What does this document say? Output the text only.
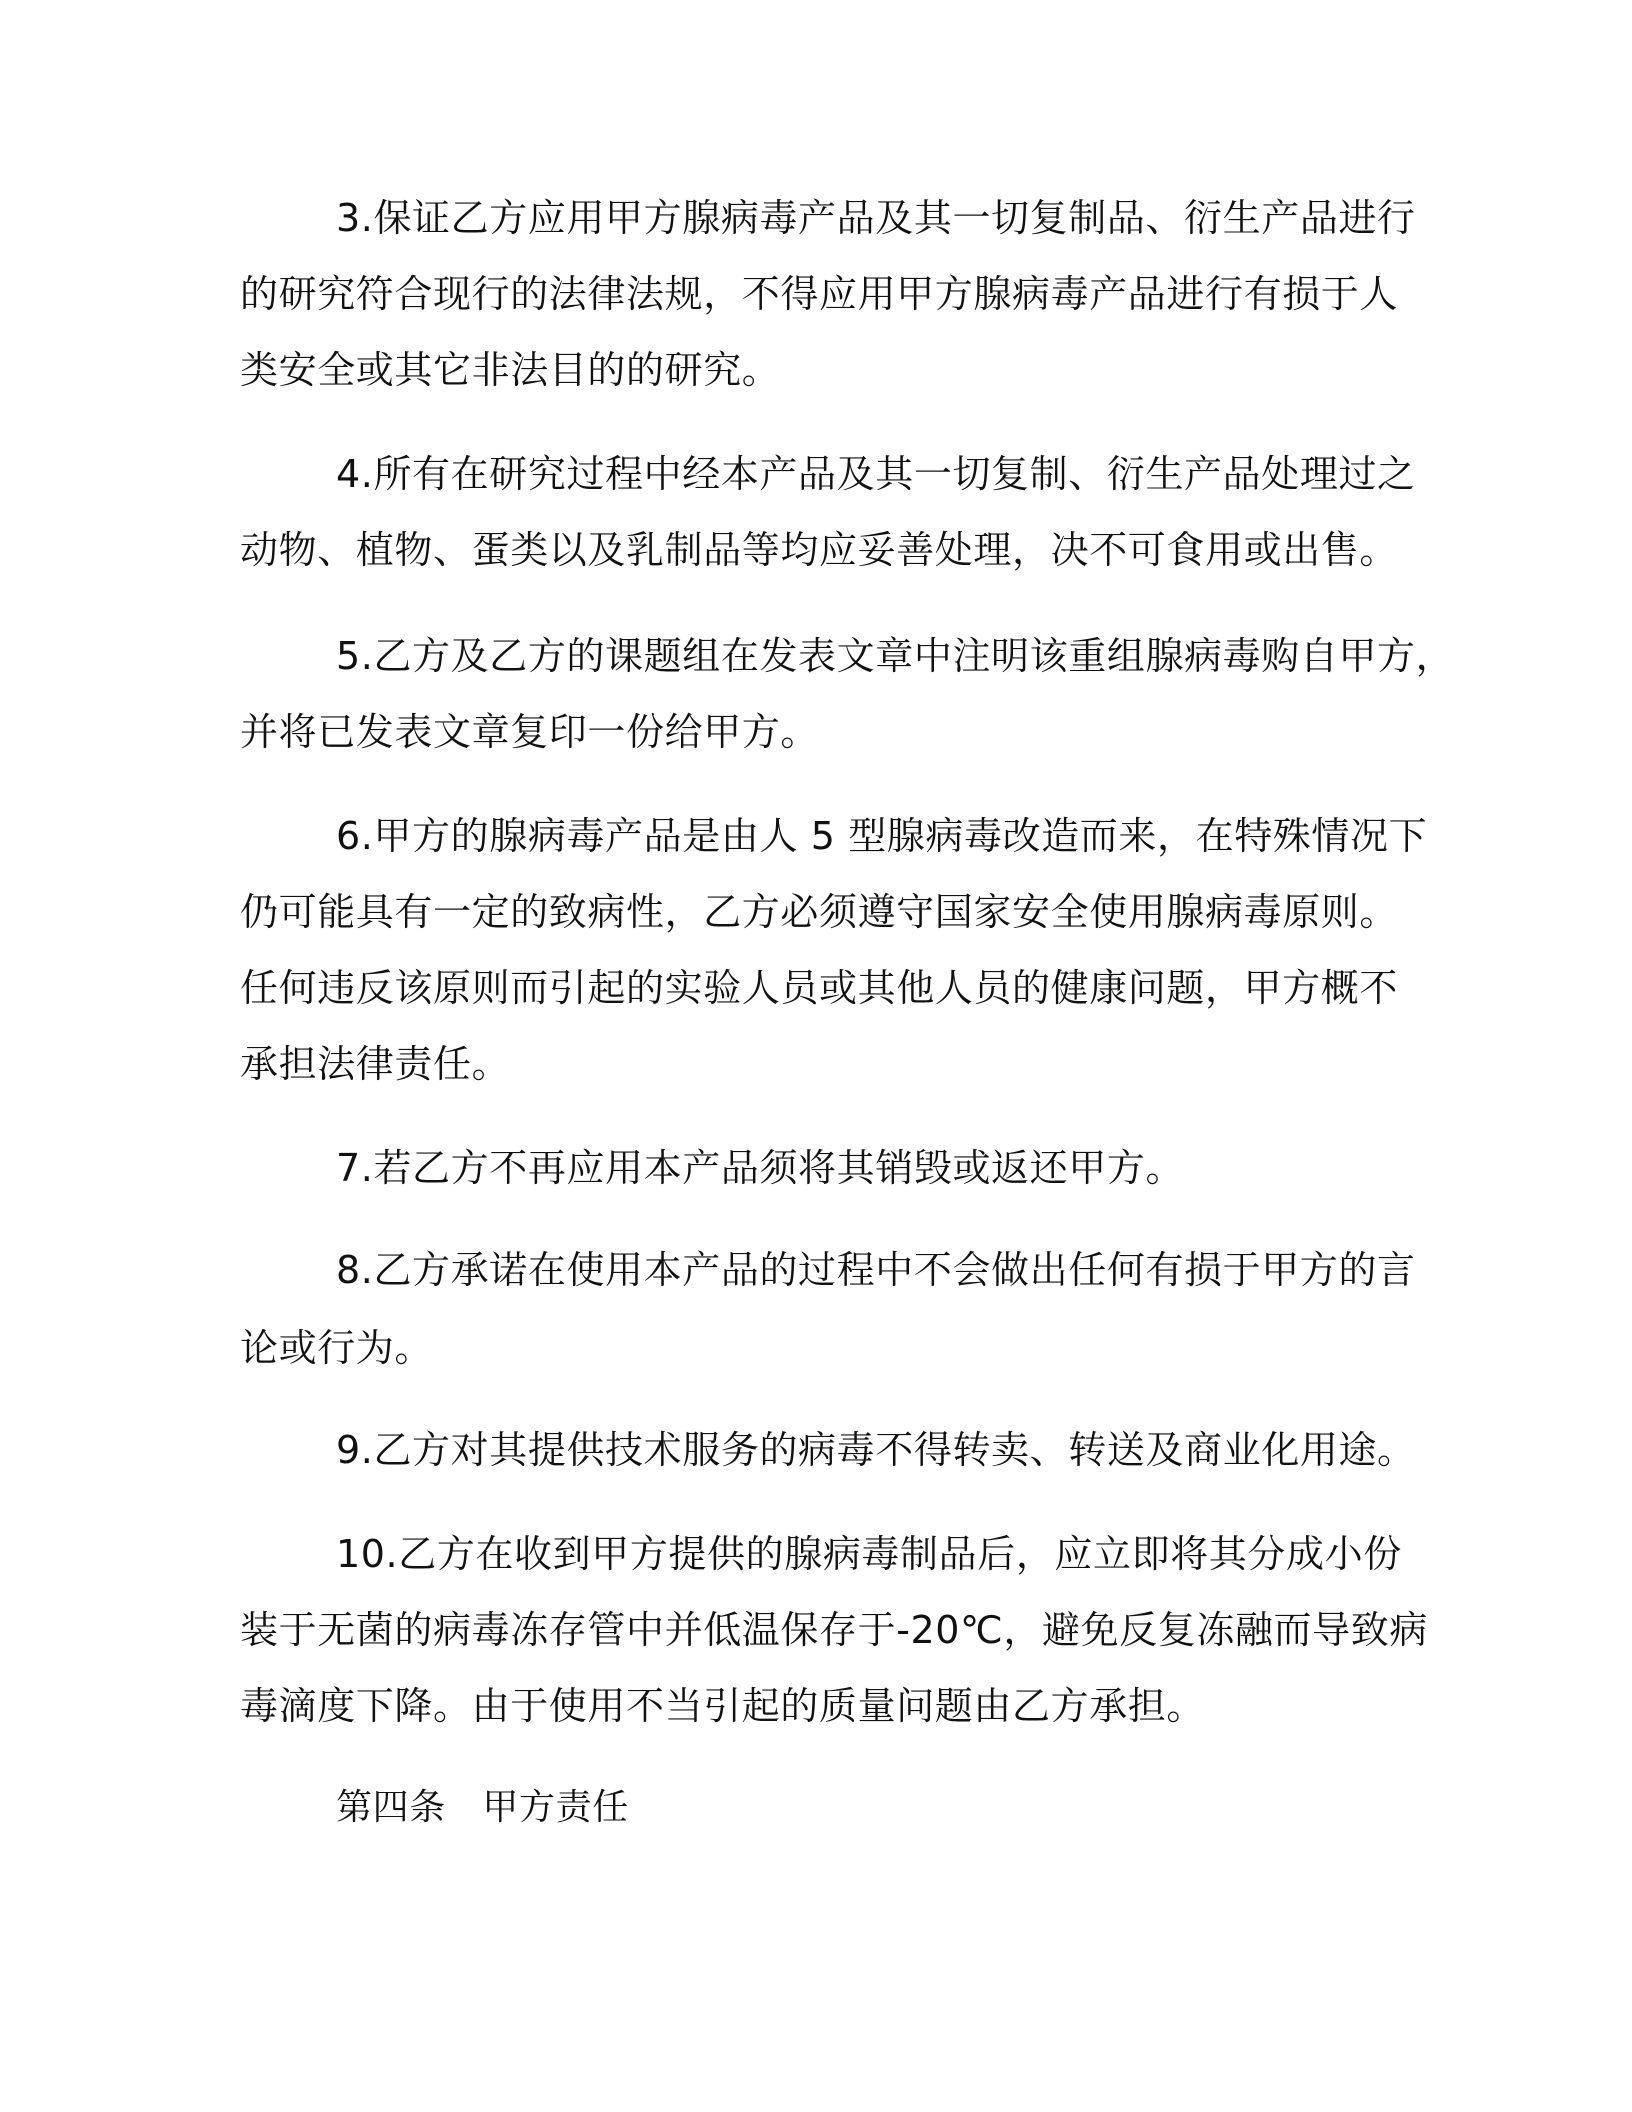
3.保证乙方应用甲方腺病毒产品及其一切复制品、衍生产品进行
的研究符合现行的法律法规，不得应用甲方腺病毒产品进行有损于人
类安全或其它非法目的的研究。
4.所有在研究过程中经本产品及其一切复制、衍生产品处理过之
动物、植物、蛋类以及乳制品等均应妥善处理，决不可食用或出售。
5.乙方及乙方的课题组在发表文章中注明该重组腺病毒购自甲方，
并将已发表文章复印一份给甲方。
6.甲方的腺病毒产品是由人 5 型腺病毒改造而来，在特殊情况下
仍可能具有一定的致病性，乙方必须遵守国家安全使用腺病毒原则。
任何违反该原则而引起的实验人员或其他人员的健康问题，甲方概不
承担法律责任。
7.若乙方不再应用本产品须将其销毁或返还甲方。
8.乙方承诺在使用本产品的过程中不会做出任何有损于甲方的言
论或行为。
9.乙方对其提供技术服务的病毒不得转卖、转送及商业化用途。
10.乙方在收到甲方提供的腺病毒制品后，应立即将其分成小份
装于无菌的病毒冻存管中并低温保存于-20℃，避免反复冻融而导致病
毒滴度下降。由于使用不当引起的质量问题由乙方承担。
第四条　甲方责任
